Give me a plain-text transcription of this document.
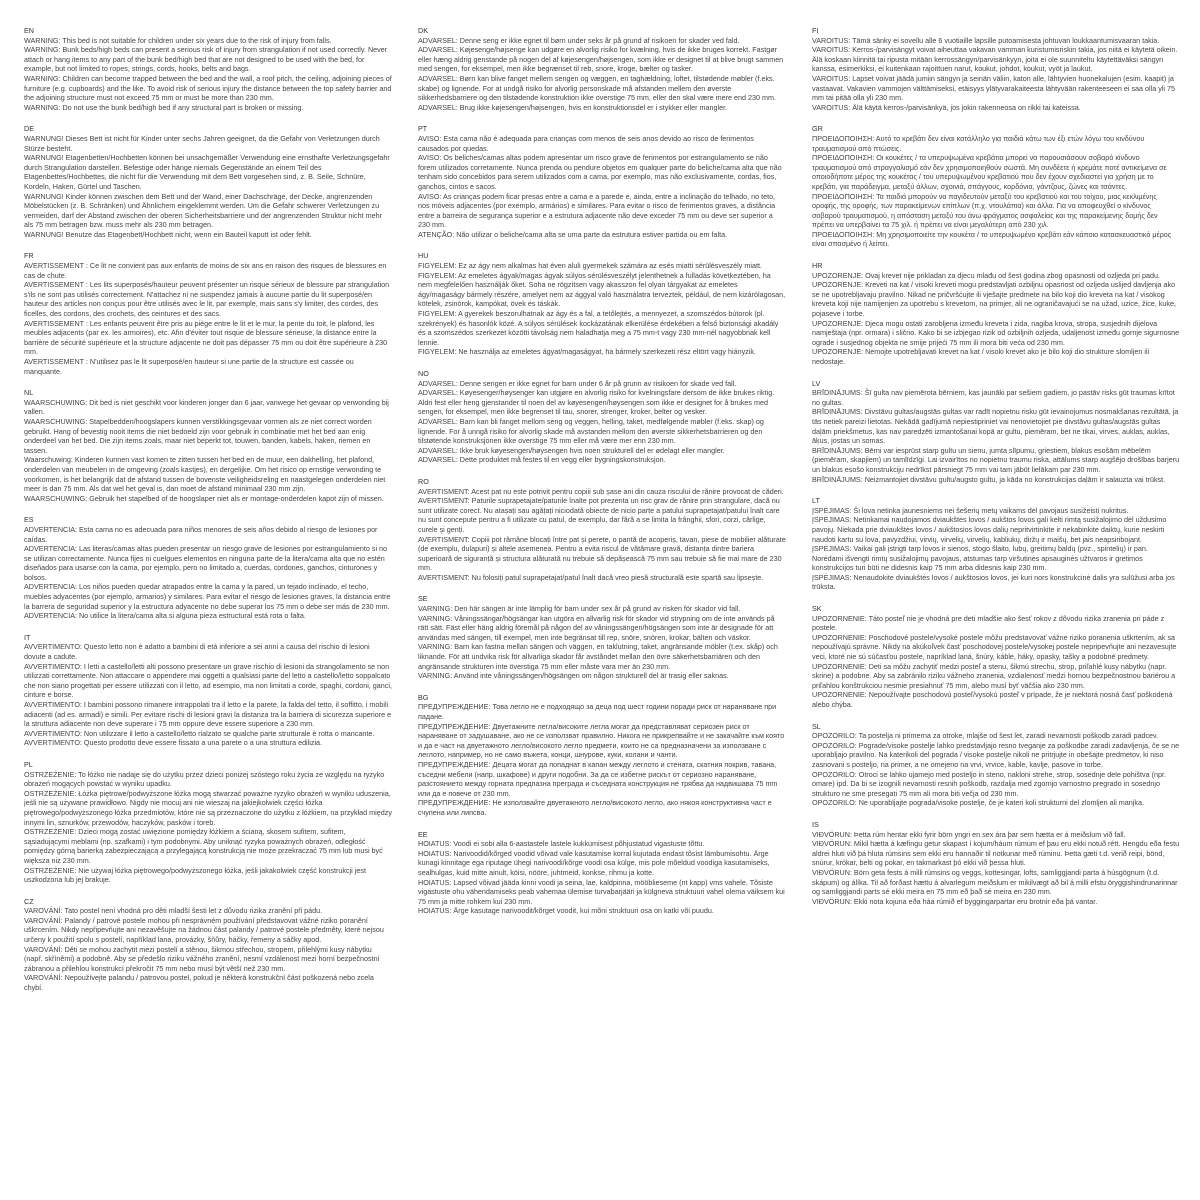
EN

WARNING: This bed is not suitable for children under six years due to the risk of injury from falls.

WARNING: Bunk beds/high beds can present a serious risk of injury from strangulation if not used correctly. Never attach or hang items to any part of the bunk bed/high bed that are not designed to be used with the bed, for example, but not limited to ropes, strings, cords, hooks, belts and bags.

WARNING: Children can become trapped between the bed and the wall, a roof pitch, the ceiling, adjoining pieces of furniture (e.g. cupboards) and the like. To avoid risk of serious injury the distance between the top safety barrier and the adjoining structure must not exceed 75 mm or must be more than 230 mm.

WARNING: Do not use the bunk bed/high bed if any structural part is broken or missing.

DE

WARNUNG! Dieses Bett ist nicht für Kinder unter sechs Jahren geeignet, da die Gefahr von Verletzungen durch Stürze besteht.

WARNUNG! Etagenbetten/Hochbetten können bei unsachgemäßer Verwendung eine ernsthafte Verletzungsgefahr durch Strangulation darstellen. Befestige oder hänge niemals Gegenstände an einem Teil des Etagenbettes/Hochbettes, die nicht für die Verwendung mit dem Bett vorgesehen sind, z. B. Seile, Schnüre, Kordeln, Haken, Gürtel und Taschen.

WARNUNG! Kinder können zwischen dem Bett und der Wand, einer Dachschräge, der Decke, angrenzenden Möbelstücken (z. B. Schränken) und Ähnlichem eingeklemmt werden. Um die Gefahr schwerer Verletzungen zu vermeiden, darf der Abstand zwischen der oberen Sicherheitsbarriere und der angrenzenden Struktur nicht mehr als 75 mm betragen bzw. muss mehr als 230 mm betragen.

WARNUNG! Benutze das Etagenbett/Hochbett nicht, wenn ein Bauteil kaputt ist oder fehlt.

FR

AVERTISSEMENT : Ce lit ne convient pas aux enfants de moins de six ans en raison des risques de blessures en cas de chute.

AVERTISSEMENT : Les lits superposés/hauteur peuvent présenter un risque sérieux de blessure par strangulation s'ils ne sont pas utilisés correctement. N'attachez ni ne suspendez jamais à aucune partie du lit superposé/en hauteur des articles non conçus pour être utilisés avec le lit, par exemple, mais sans s'y limiter, des cordes, des ficelles, des cordons, des crochets, des ceintures et des sacs.

AVERTISSEMENT : Les enfants peuvent être pris au piège entre le lit et le mur, la pente du toit, le plafond, les meubles adjacents (par ex. les armoires), etc. Afin d'éviter tout risque de blessure sérieuse, la distance entre la barrière de sécurité supérieure et la structure adjacente ne doit pas dépasser 75 mm ou doit être supérieure à 230 mm.

AVERTISSEMENT : N'utilisez pas le lit superposé/en hauteur si une partie de la structure est cassée ou manquante.

NL

WAARSCHUWING: Dit bed is niet geschikt voor kinderen jonger dan 6 jaar, vanwege het gevaar op verwonding bij vallen.

WAARSCHUWING: Stapelbedden/hoogslapers kunnen verstikkingsgevaar vormen als ze niet correct worden gebruikt. Hang of bevestig nooit items die niet bedoeld zijn voor gebruik in combinatie met het bed aan enig onderdeel van het bed. Die zijn items zoals, maar niet beperkt tot, touwen, banden, kabels, haken, riemen en tassen.

Waarschuwing: Kinderen kunnen vast komen te zitten tussen het bed en de muur, een dakhelling, het plafond, onderdelen van meubelen in de omgeving (zoals kastjes), en dergelijke. Om het risico op ernstige verwonding te voorkomen, is het belangrijk dat de afstand tussen de bovenste veiligheidsreling en naastgelegen onderdelen niet meer is dan 75 mm. Als dat wel het geval is, dan moet de afstand minimaal 230 mm zijn.

WAARSCHUWING: Gebruik het stapelbed of de hoogslaper niet als er montage-onderdelen kapot zijn of missen.

ES

ADVERTENCIA: Esta cama no es adecuada para niños menores de seis años debido al riesgo de lesiones por caídas.

ADVERTENCIA: Las literas/camas altas pueden presentar un riesgo grave de lesiones por estrangulamiento si no se utilizan correctamente. Nunca fijes ni cuelgues elementos en ninguna parte de la litera/cama alta que no estén diseñados para usarse con la cama, por ejemplo, pero no limitado a, cuerdas, cordones, ganchos, cinturones y bolsos.

ADVERTENCIA: Los niños pueden quedar atrapados entre la cama y la pared, un tejado inclinado, el techo, muebles adyacentes (por ejemplo, armarios) y similares. Para evitar el riesgo de lesiones graves, la distancia entre la barrera de seguridad superior y la estructura adyacente no debe superar los 75 mm o debe ser más de 230 mm.

ADVERTENCIA: No utilice la litera/cama alta si alguna pieza estructural está rota o falta.

IT

AVVERTIMENTO: Questo letto non è adatto a bambini di età inferiore a sei anni a causa del rischio di lesioni dovute a cadute.

AVVERTIMENTO: I letti a castello/letti alti possono presentare un grave rischio di lesioni da strangolamento se non utilizzati correttamente. Non attaccare o appendere mai oggetti a qualsiasi parte del letto a castello/letto soppalcato che non siano progettati per essere utilizzati con il letto, ad esempio, ma non limitati a corde, spaghi, cordoni, ganci, cinture e borse.

AVVERTIMENTO: I bambini possono rimanere intrappolati tra il letto e la parete, la falda del tetto, il soffitto, i mobili adiacenti (ad es. armadi) e simili. Per evitare rischi di lesioni gravi la distanza tra la barriera di sicurezza superiore e la struttura adiacente non deve superare i 75 mm oppure deve essere superiore a 230 mm.

AVVERTIMENTO: Non utilizzare il letto a castello/letto rialzato se qualche parte strutturale è rotta o mancante. AVVERTIMENTO: Questo prodotto deve essere fissato a una parete o a una struttura edilizia.

PL

OSTRZEŻENIE: To łóżko nie nadaje się do użytku przez dzieci poniżej szóstego roku życia ze względu na ryzyko obrażeń mogących powstać w wyniku upadku.

OSTRZEŻENIE: Łóżka piętrowe/podwyższone łóżka mogą stwarzać poważne ryzyko obrażeń w wyniku uduszenia, jeśli nie są używane prawidłowo. Nigdy nie mocuj ani nie wieszaj na jakiejkolwiek części łóżka piętrowego/podwyższonego łóżka przedmiotów, które nie są przeznaczone do użytku z łóżkiem, na przykład między innymi lin, sznurków, przewodów, haczyków, pasków i toreb.

OSTRZEŻENIE: Dzieci mogą zostać uwięzione pomiędzy łóżkiem a ścianą, skosem sufitem, sufitem, sąsiadującymi meblami (np. szafkami) i tym podobnymi. Aby uniknąć ryzyka poważnych obrażeń, odległość pomiędzy górną barierką zabezpieczającą a przylegającą konstrukcją nie może przekraczać 75 mm lub musi być większa niż 230 mm.

OSTRZEŻENIE: Nie używaj łóżka piętrowego/podwyższonego łóżka, jeśli jakakolwiek część konstrukcji jest uszkodzona lub jej brakuje.

CZ

VAROVÁNÍ: Tato postel není vhodná pro děti mladší šesti let z důvodu rizika zranění při pádu.

VAROVÁNÍ: Palandy / patrové postele mohou při nesprávném používání představovat vážné riziko poranění uškrcením. Nikdy nepřipevňujte ani nezavěšujte na žádnou část palandy / patrové postele předměty, které nejsou určeny k použití spolu s postelí, například lana, provázky, šňůry, háčky, řemeny a sáčky apod.

VAROVÁNÍ: Děti se mohou zachytit mezi postelí a stěnou, šikmou střechou, stropem, přilehlými kusy nábytku (např. skříněmi) a podobně. Aby se předešlo riziku vážného zranění, nesmí vzdálenost mezi horní bezpečnostní zábranou a přilehlou konstrukcí překročit 75 mm nebo musí být větší než 230 mm.

VAROVÁNÍ: Nepoužívejte palandu / patrovou postel, pokud je některá konstrukční část poškozená nebo zcela chybí.

DK

ADVARSEL: Denne seng er ikke egnet til børn under seks år på grund af risikoen for skader ved fald.

ADVARSEL: Køjesenge/højsenge kan udgøre en alvorlig risiko for kvælning, hvis de ikke bruges korrekt. Fastgør eller hæng aldrig genstande på nogen del af køjesengen/højsengen, som ikke er designet til at blive brugt sammen med sengen, for eksempel, men ikke begrænset til reb, snore, kroge, bælter og tasker.

ADVARSEL: Børn kan blive fanget mellem sengen og væggen, en taghældning, loftet, tilstødende møbler (f.eks. skabe) og lignende. For at undgå risiko for alvorlig personskade må afstanden mellem den øverste sikkerhedsbarriere og den tilstødende konstruktion ikke overstige 75 mm, eller den skal være mere end 230 mm.

ADVARSEL: Brug ikke køjesengen/højsengen, hvis en konstruktionsdel er i stykker eller mangler.

PT

AVISO: Esta cama não é adequada para crianças com menos de seis anos devido ao risco de ferimentos causados por quedas.

AVISO: Os beliches/camas altas podem apresentar um risco grave de ferimentos por estrangulamento se não forem utilizados corretamente. Nunca prenda ou pendure objetos em qualquer parte do beliche/cama alta que não tenham sido concebidos para serem utilizados com a cama, por exemplo, mas não exclusivamente, cordas, fios, ganchos, cintos e sacos.

AVISO: As crianças podem ficar presas entre a cama e a parede e, ainda, entre a inclinação do telhado, no teto, nos móveis adjacentes (por exemplo, armários) e similares. Para evitar o risco de ferimentos graves, a distância entre a barreira de segurança superior e a estrutura adjacente não deve exceder 75 mm ou deve ser superior a 230 mm.

ATENÇÃO: Não utilizar o beliche/cama alta se uma parte da estrutura estiver partida ou em falta.

HU

FIGYELEM: Ez az ágy nem alkalmas hat éven aluli gyermekek számára az esés miatti sérülésveszély miatt.

FIGYELEM: Az emeletes ágyak/magas ágyak súlyos sérülésveszélyt jelenthetnek a fulladás következtében, ha nem megfelelően használják őket. Soha ne rögzítsen vagy akasszon fel olyan tárgyakat az emeletes ágy/magaságy bármely részére, amelyet nem az ággyal való használatra terveztek, például, de nem kizárólagosan, kötelek, zsinórok, kampókat, övek és táskák.

FIGYELEM: A gyerekek beszorulhatnak az ágy és a fal, a tetőlejtés, a mennyezet, a szomszédos bútorok (pl. szekrények) és hasonlók közé. A súlyos sérülések kockázatának elkerülése érdekében a felső biztonsági akadály és a szomszédos szerkezet közötti távolság nem haladhatja meg a 75 mm-t vagy 230 mm-nél nagyobbnak kell lennie.

FIGYELEM: Ne használja az emeletes ágyat/magaságyat, ha bármely szerkezeti rész eltört vagy hiányzik.

NO

ADVARSEL: Denne sengen er ikke egnet for barn under 6 år på grunn av risikoen for skade ved fall.

ADVARSEL: Køyesenger/høysenger kan utgjøre en alvorlig risiko for kvelningsfare dersom de ikke brukes riktig. Aldri fest eller heng gjenstander til noen del av køyesengen/høysengen som ikke er designet for å brukes med sengen, for eksempel, men ikke begrenset til tau, snorer, strenger, kroker, belter og vesker.

ADVARSEL: Barn kan bli fanget mellom seng og veggen, helling, taket, medfølgende møbler (f.eks. skap) og lignende. For å unngå risiko for alvorlig skade må avstanden mellom den øverste sikkerhetsbarrieren og den tilstøtende konstruksjonen ikke overstige 75 mm eller må være mer enn 230 mm.

ADVARSEL: Ikke bruk køyesengen/høysengen hvis noen strukturell del er ødelagt eller mangler.

ADVARSEL: Dette produktet må festes til en vegg eller bygningskonstruksjon.

RO

AVERTISMENT: Acest pat nu este potrivit pentru copiii sub șase ani din cauza riscului de rănire provocat de căderi.

AVERTISMENT: Paturile suprapetajate/paturile înalte pot prezenta un risc grav de rănire prin strangulare, dacă nu sunt utilizate corect. Nu atașați sau agățați niciodată obiecte de nicio parte a patului suprapetajat/patului înalt care nu sunt concepute pentru a fi utilizate cu patul, de exemplu, dar fără a se limita la frânghii, sfori, corzi, cârlige, curele și genți.

AVERTISMENT: Copiii pot rămâne blocați între pat și perete, o pantă de acoperiș, tavan, piese de mobilier alăturate (de exemplu, dulapuri) și altele asemenea. Pentru a evita riscul de vătămare gravă, distanța dintre bariera superioară de siguranță și structura alăturată nu trebuie să depășească 75 mm sau trebuie să fie mai mare de 230 mm.

AVERTISMENT: Nu folosiți patul suprapetajat/patul înalt dacă vreo piesă structurală este spartă sau lipsește.

SE

VARNING: Den här sängen är inte lämplig för barn under sex år på grund av risken för skador vid fall.

VARNING: Våningssängar/högsängar kan utgöra en allvarlig risk för skador vid strypning om de inte används på rätt sätt. Fäst eller häng aldrig föremål på någon del av våningssängen/högsängen som inte är designade för att användas med sängen, till exempel, men inte begränsat till rep, snöre, snören, krokar, bälten och väskor.

VARNING: Barn kan fastna mellan sängen och väggen, en taklutning, taket, angränsande möbler (t.ex. skåp) och liknande. För att undvika risk för allvarliga skador får avståndet mellan den övre säkerhetsbarriären och den angränsande strukturen inte överstiga 75 mm eller måste vara mer än 230 mm.

VARNING: Använd inte våningssängen/högsängen om någon strukturell del är trasig eller saknas.

BG

ПРЕДУПРЕЖДЕНИЕ: Това легло не е подходящо за деца под шест години поради риск от нараняване при падане.

ПРЕДУПРЕЖДЕНИЕ: Двуетажните легла/високите легла могат да представляват сериозен риск от нараняване от задушаване, ако не се използват правилно. Никога не прикрепвайте и не закачайте към която и да е част на двуетажното легло/високото легло предмети, които не са предназначени за използване с леглото, например, но не само въжета, конци, шнурове, куки, колани и чанти.

ПРЕДУПРЕЖДЕНИЕ: Децата могат да попаднат в капан между леглото и стената, скатния покрив, тавана, съседни мебели (напр. шкафове) и други подобни. За да се избегне рискът от сериозно нараняване, разстоянието между горната предпазна преграда и съседната конструкция не трябва да надвишава 75 mm или да е повече от 230 mm.

ПРЕДУПРЕЖДЕНИЕ: Не използвайте двуетажното легло/високото легло, ако някоя конструктивна част е счупена или липсва.

EE

HOIATUS: Voodi ei sobi alla 6-aastastele lastele kukkumisest põhjustatud vigastuste tõttu.

HOIATUS: Narivoodid/kõrged voodid võivad vale kasutamise korral kujutada endast tõsist lämbumisohtu. Ärge kunagi kinnitage ega riputage ühegi narivoodi/kõrge voodi osa külge, mis pole mõeldud voodiga kasutamiseks, sealhulgas, kuid mitte ainult, köisi, nööre, juhtmeid, konkse, rihmu ja kotte.

HOIATUS: Lapsed võivad jääda kinni voodi ja seina, lae, kaldpinna, mööblieseme (nt kapp) vms vahele. Tõsiste vigastuste ohu vähendamiseks peab vahemaa ülemise turvabarjääri ja külgneva struktuuri vahel olema väiksem kui 75 mm ja mitte rohkem kui 230 mm.

HOIATUS: Ärge kasutage narivoodit/kõrget voodit, kui mõni struktuuri osa on katki või puudu.

FI

VAROITUS: Tämä sänky ei sovellu alle 6 vuotiaille lapsille putoamisesta johtuvan loukkaantumisvaaran takia.

VAROITUS: Kerros-/parvisängyt voivat aiheuttaa vakavan vamman kuristumisriskin takia, jos niitä ei käytetä oikein. Älä koskaan kiinnitä tai ripusta mitään kerrossängyn/parvisänkyyn, joita ei ole suunniteltu käytettäväksi sängyn kanssa, esimerkiksi, ei kuitenkaan rajoittuen narut, koukut, johdot, koukut, vyöt ja laukut.

VAROITUS: Lapset voivat jäädä jumiin sängyn ja seinän väliin, katon alle, lähtyvien huonekalujen (esim. kaapit) ja vastaavat. Vakavien vammojen välttämiseksi, etäisyys ylätyvarakaiteesta lähtyvään rakenteeseen ei saa olla yli 75 mm tai pitää olla yli 230 mm.

VAROITUS: Älä käytä kerros-/parvisänkyä, jos jokin rakenneosa on rikki tai kateissa.

GR

ΠΡΟΕΙΔΟΠΟΙΗΣΗ: Αυτό το κρεβάτι δεν είναι κατάλληλο για παιδιά κάτω των έξι ετών λόγω του κινδύνου τραυματισμού από πτώσεις.

ΠΡΟΕΙΔΟΠΟΙΗΣΗ: Οι κουκέτες / τα υπερυψωμένα κρεβάτια μπορεί να παρουσιάσουν σοβαρό κίνδυνο τραυματισμού από στραγγαλισμό εάν δεν χρησιμοποιηθούν σωστά. Μη συνδέετε ή κρεμάτε ποτέ αντικείμενα σε οποιοδήποτε μέρος της κουκέτας / του υπερυψωμένου κρεβατιού που δεν έχουν σχεδιαστεί για χρήση με το κρεβάτι, για παράδειγμα, μεταξύ άλλων, σχοινιά, σπάγγους, κορδόνια, γάντζους, ζώνες και τσάντες.

ΠΡΟΕΙΔΟΠΟΙΗΣΗ: Τα παιδιά μπορούν να παγιδευτούν μεταξύ του κρεβατιού και του τοίχου, μιας κεκλιμένης οροφής, της οροφής, των παρακείμενων επίπλων (π.χ. ντουλάπια) και άλλα. Για να αποφευχθεί ο κίνδυνος σοβαρού τραυματισμού, η απόσταση μεταξύ του άνω φράγματος ασφαλείας και της παρακείμενης δομής δεν πρέπει να υπερβαίνει τα 75 χιλ. ή πρέπει να είναι μεγαλύτερη από 230 χιλ.

ΠΡΟΕΙΔΟΠΟΙΗΣΗ: Μη χρησιμοποιείτε την κουκέτα / το υπερυψωμένο κρεβάτι εάν κάποιο κατασκευαστικό μέρος είναι σπασμένο ή λείπει.

HR

UPOZORENJE: Ovaj krevet nije prikladan za djecu mlađu od šest godina zbog opasnosti od ozljeda pri padu.

UPOZORENJE: Kreveti na kat / visoki kreveti mogu predstavljati ozbiljnu opasnost od ozljeda uslijed davljenja ako se ne upotrebljavaju pravilno. Nikad ne pričvršćujte ili vješajte predmete na bilo koji dio kreveta na kat / visokog kreveta koji nije namijenjen za upotrebu s krevetom, na primjer, ali ne ograničavajući se na užad, uzice, žice, kuke, pojaseve i torbe.

UPOZORENJE: Djeca mogu ostati zarobljena između kreveta i zida, nagiba krova, stropa, susjednih dijelova namještaja (npr. ormara) i slično. Kako bi se izbjegao rizik od ozbiljnih ozljeda, udaljenost između gornje sigurnosne ograde i susjednog objekta ne smije prijeći 75 mm ili mora biti veća od 230 mm.

UPOZORENJE: Nemojte upotrebljavati krevet na kat / visoki krevet ako je bilo koji dio strukture slomljen ili nedostaje.

LV

BRĪDINĀJUMS: Šī gulta nav piemērota bērniem, kas jaunāki par sešiem gadiem, jo pastāv risks gūt traumas krītot no gultas.

BRĪDINĀJUMS: Divstāvu gultas/augstās gultas var radīt nopietnu risku gūt ievainojumus nosmakšanas rezultātā, ja tās netiek pareizi lietotas. Nekādā gadījumā nepiestipriniet vai nenovietojiet pie divstāvu gultas/augstās gultas daļām priekšmetus, kas nav paredzēti izmantošanai kopā ar gultu, piemēram, bet ne tikai, virves, auklas, auklas, āķus, jostas un somas.

BRĪDINĀJUMS: Bērni var iesprūst starp gultu un sienu, jumta slīpumu, griestiem, blakus esošām mēbelēm (piemēram, skapjiem) un tamlīdzīgi. Lai izvairītos no nopietnu traumu riska, attālums starp augšējo drošības barjeru un blakus esošo konstrukciju nedrīkst pārsniegt 75 mm vai tam jābūt lielākam par 230 mm.

BRĪDINĀJUMS: Neizmantojiet divstāvu gultu/augsto gultu, ja kāda no konstrukcijas daļām ir salauzta vai trūkst.

LT

ĮSPĖJIMAS: Ši lova netinka jaunesniems nei šešerių metų vaikams dėl pavojaus susižeisti nukritus.

ĮSPĖJIMAS: Netinkamai naudojamos dviaukštės lovos / aukštos lovos gali kelti rimtą susižalojimo dėl uždusimo pavojų. Niekada prie dviaukštės lovos / aukštosios lovos dalių nepritvirtinkite ir nekabinkite daiktų, kurie neskirti naudoti kartu su lova, pavyzdžiui, virvių, virvelių, virvelių, kabliukų, diržų ir maišų, bet jais neapsiribojant.

ĮSPĖJIMAS: Vaikai gali įstrigti tarp lovos ir sienos, stogo šlaito, lubų, greitimų baldų (pvz., spintelių) ir pan. Norėdami išvengti rimtų susižalojimų pavojaus, atstumas tarp viršutinės apsauginės užtvaros ir gretimos konstrukcijos turi būti ne didesnis kaip 75 mm arba didesnis kaip 230 mm.

ĮSPĖJIMAS: Nenaudokite dviaukštės lovos / aukštosios lovos, jei kuri nors konstrukcinė dalis yra sulūžusi arba jos trūksta.

SK

UPOZORNENIE: Táto posteľ nie je vhodná pre deti mladšie ako šesť rokov z dôvodu rizika zranenia pri páde z postele.

UPOZORNENIE: Poschodové postele/vysoké postele môžu predstavovať vážne riziko poranenia uškrtením, ak sa nepoužívajú správne. Nikdy na akúkoľvek časť poschodovej postele/vysokej postele nepripevňujte ani nezavesujte veci, ktoré nie sú súčasťou postele, napríklad laná, šnúry, káble, háky, opasky, tašky a podobné predmety.

UPOZORNENIE: Deti sa môžu zachytiť medzi posteľ a stenu, šikmú strechu, strop, priľahlé kusy nábytku (napr. skrine) a podobne. Aby sa zabránilo riziku vážneho zranenia, vzdialenosť medzi hornou bezpečnostnou bariérou a priľahlou konštrukciou nesmie presiahnuť 75 mm, alebo musí byť väčšia ako 230 mm.

UPOZORNENIE: Nepoužívajte poschodovú posteľ/vysokú posteľ v prípade, že je niektorá nosná časť poškodená alebo chýba.

SL

OPOZORILO: Ta postelja ni primerna za otroke, mlajše od šest let, zaradi nevarnosti poškodb zaradi padcev.

OPOZORILO: Pograde/visoke postelje lahko predstavljajo resno tveganje za poškodbe zaradi zadavljenja, če se ne uporabljajo pravilno. Na katerikoli del pograda / visoke postelje nikoli ne pritrjujte in obešajte predmetov, ki niso zasnovani s posteljo, na primer, a ne omejeno na vrvi, vrvice, kable, kavlje, pasove in torbe.

OPOZORILO: Otroci se lahko ujamejo med posteljo in steno, nakloni strehe, strop, sosednje dele pohištva (npr. omare) ipd. Da bi se izognili nevarnosti resnih poškodb, razdalja med zgornjo varnostno pregrado in sosednjo strukturo ne sme presegati 75 mm ali mora biti večja od 230 mm.

OPOZORILO: Ne uporabljajte pograda/visoke postelje, če je kateri koli strukturni del zlomljen ali manjka.

IS

VIÐVÖRUN: Þetta rúm hentar ekki fyrir börn yngri en sex ára þar sem hætta er á meiðslum við fall.

VIÐVÖRUN: Mikil hætta á kæfingu getur skapast í kojum/háum rúmum ef þau eru ekki notuð rétt. Hengdu eða festu aldrei hluti við þá hluta rúmsins sem ekki eru hannaðir til notkunar með rúminu. Þetta gæti t.d. verið reipi, bönd, snúrur, krókar, belti og pokar, en takmarkast þó ekki við þessa hluti.

VIÐVÖRUN: Börn geta fests á milli rúmsins og veggs, kottesingar, lofts, samliggjandi parta á húsgögnum (t.d. skápum) og álíka. Til að forðast hættu á alvarlegum meiðslum er mikilvægt að bil á milli efstu öryggishindrunarinnar og samliggjandi parts sé ekki meira en 75 mm eð það sé meira en 230 mm.

VIÐVÖRUN: Ekki nota kojuna eða háa rúmið ef byggingarpartar eru brotnir eða þá vantar.
